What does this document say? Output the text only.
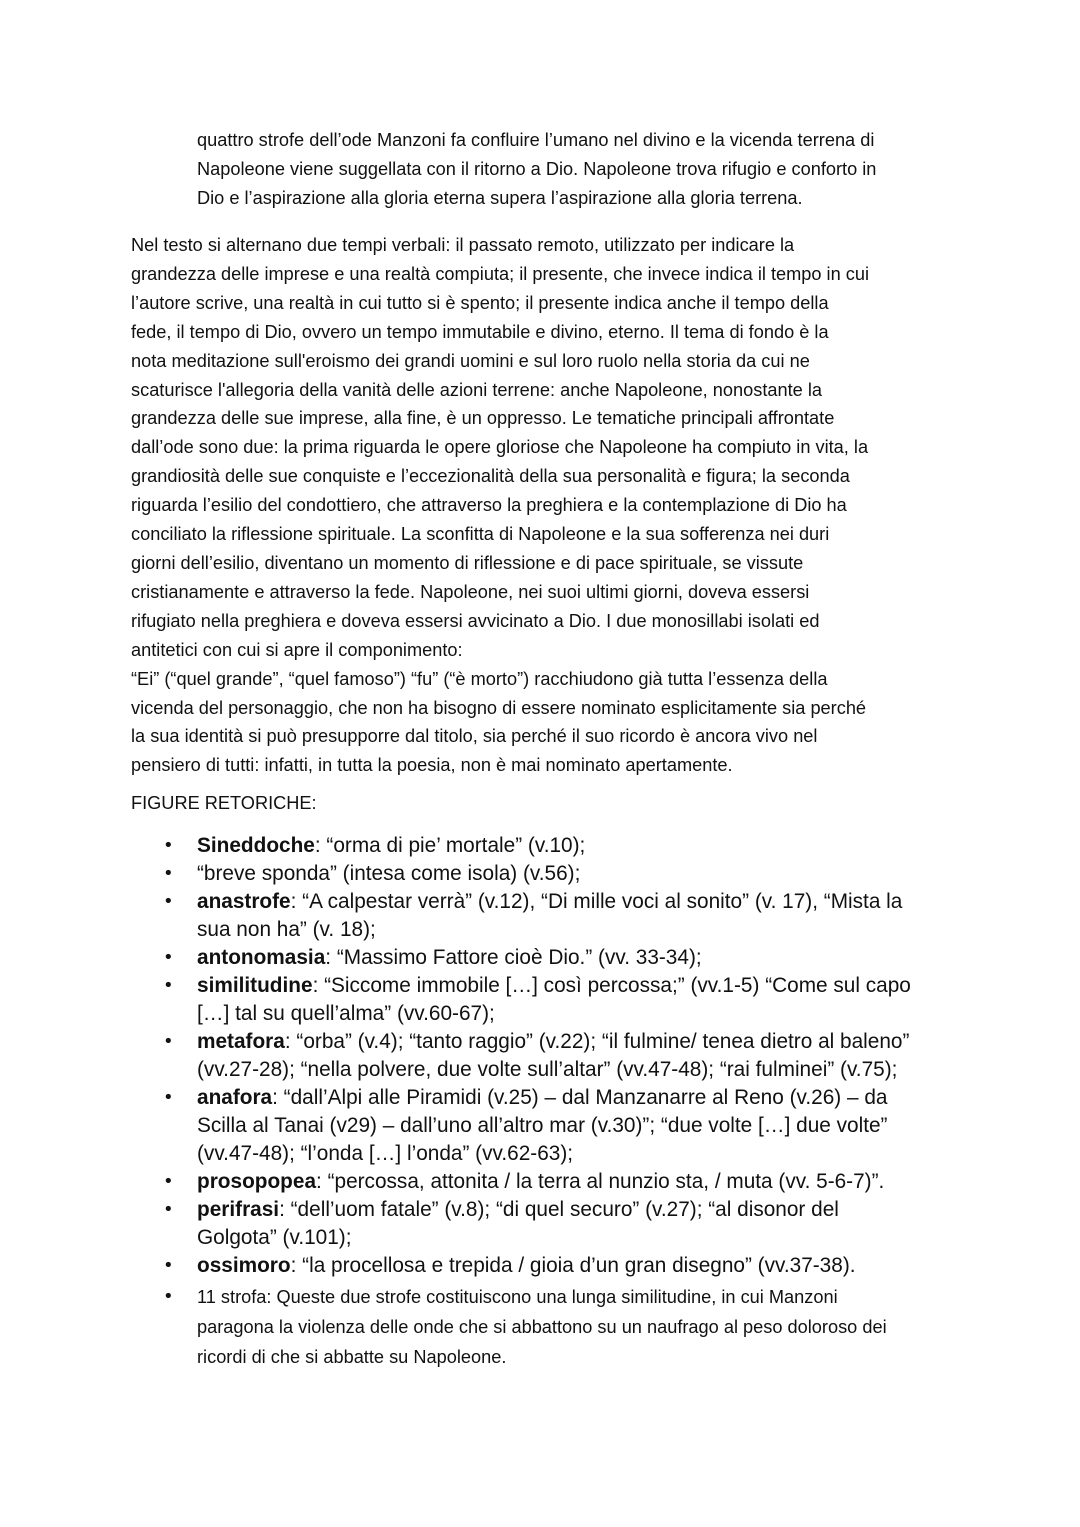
quattro strofe dell’ode Manzoni fa confluire l’umano nel divino e la vicenda terrena di
Napoleone viene suggellata con il ritorno a Dio. Napoleone trova rifugio e conforto in
Dio e l’aspirazione alla gloria eterna supera l’aspirazione alla gloria terrena.

Nel testo si alternano due tempi verbali: il passato remoto, utilizzato per indicare la
grandezza delle imprese e una realtà compiuta; il presente, che invece indica il tempo in cui
l’autore scrive, una realtà in cui tutto si è spento; il presente indica anche il tempo della
fede, il tempo di Dio, ovvero un tempo immutabile e divino, eterno. Il tema di fondo è la
nota meditazione sull'eroismo dei grandi uomini e sul loro ruolo nella storia da cui ne
scaturisce l'allegoria della vanità delle azioni terrene: anche Napoleone, nonostante la
grandezza delle sue imprese, alla fine, è un oppresso. Le tematiche principali affrontate
dall’ode sono due: la prima riguarda le opere gloriose che Napoleone ha compiuto in vita, la
grandiosità delle sue conquiste e l’eccezionalità della sua personalità e figura; la seconda
riguarda l’esilio del condottiero, che attraverso la preghiera e la contemplazione di Dio ha
conciliato la riflessione spirituale. La sconfitta di Napoleone e la sua sofferenza nei duri
giorni dell’esilio, diventano un momento di riflessione e di pace spirituale, se vissute
cristianamente e attraverso la fede. Napoleone, nei suoi ultimi giorni, doveva essersi
rifugiato nella preghiera e doveva essersi avvicinato a Dio. I due monosillabi isolati ed
antitetici con cui si apre il componimento:
“Ei” (“quel grande”, “quel famoso”) “fu” (“è morto”) racchiudono già tutta l’essenza della
vicenda del personaggio, che non ha bisogno di essere nominato esplicitamente sia perché
la sua identità si può presupporre dal titolo, sia perché il suo ricordo è ancora vivo nel
pensiero di tutti: infatti, in tutta la poesia, non è mai nominato apertamente.

FIGURE RETORICHE:

• Sineddoche: “orma di pie’ mortale” (v.10);
• “breve sponda” (intesa come isola) (v.56);
• anastrofe: “A calpestar verrà” (v.12), “Di mille voci al sonito” (v. 17), “Mista la
sua non ha” (v. 18);
• antonomasia: “Massimo Fattore cioè Dio.” (vv. 33-34);
• similitudine: “Siccome immobile […] così percossa;” (vv.1-5) “Come sul capo
[…] tal su quell’alma” (vv.60-67);
• metafora: “orba” (v.4); “tanto raggio” (v.22); “il fulmine/ tenea dietro al baleno”
(vv.27-28); “nella polvere, due volte sull’altar” (vv.47-48); “rai fulminei” (v.75);
• anafora: “dall’Alpi alle Piramidi (v.25) – dal Manzanarre al Reno (v.26) – da
Scilla al Tanai (v29) – dall’uno all’altro mar (v.30)”; “due volte […] due volte”
(vv.47-48); “l’onda […] l’onda” (vv.62-63);
• prosopopea: “percossa, attonita / la terra al nunzio sta, / muta (vv. 5-6-7)”.
• perifrasi: “dell’uom fatale” (v.8); “di quel securo” (v.27); “al disonor del
Golgota” (v.101);
• ossimoro: “la procellosa e trepida / gioia d’un gran disegno” (vv.37-38).
• 11 strofa: Queste due strofe costituiscono una lunga similitudine, in cui Manzoni
paragona la violenza delle onde che si abbattono su un naufrago al peso doloroso dei
ricordi di che si abbatte su Napoleone.
